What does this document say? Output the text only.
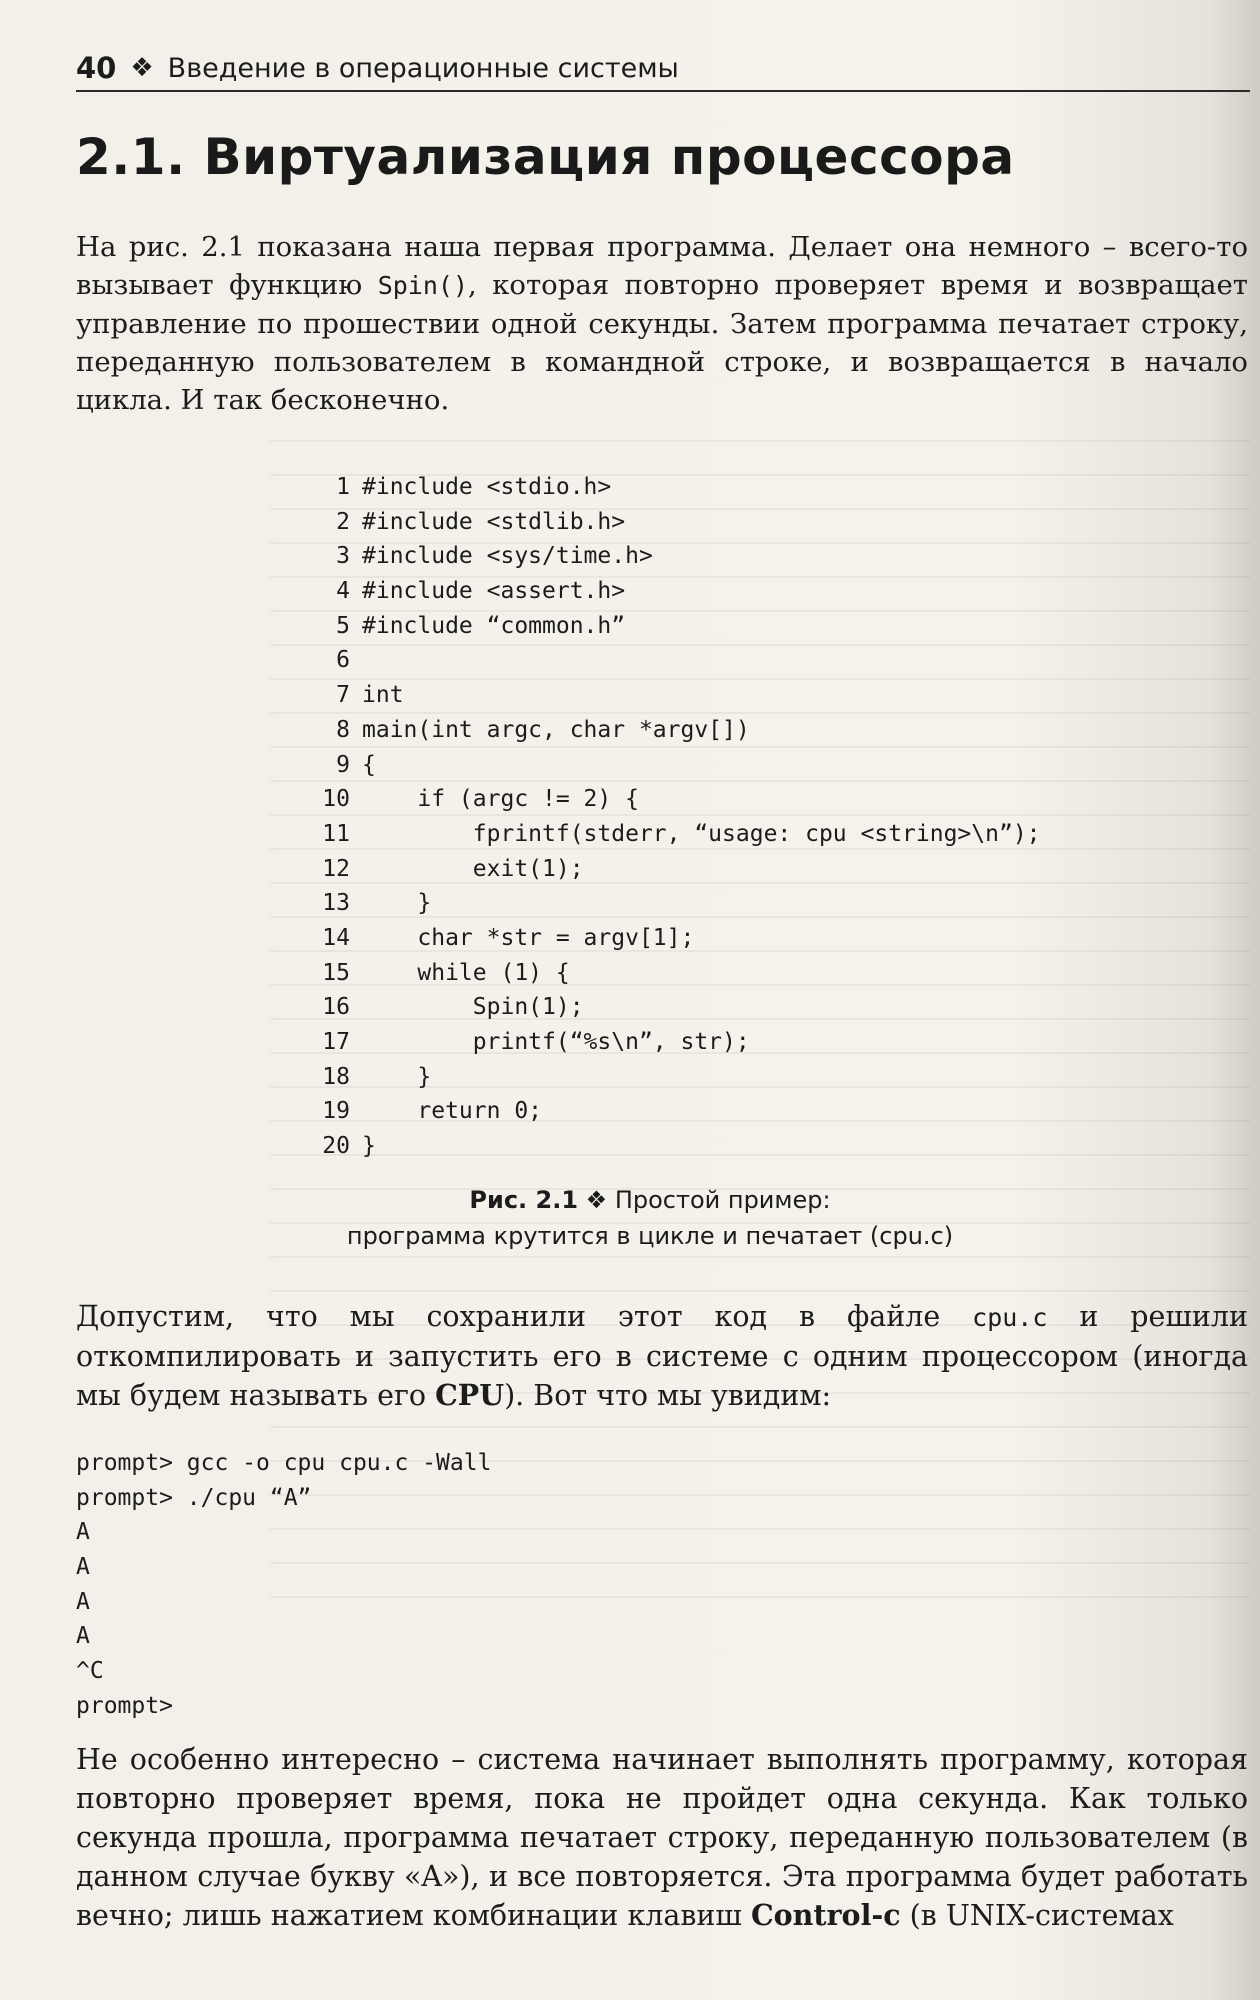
40 ❖ Введение в операционные системы
2.1. Виртуализация процессора

На рис. 2.1 показана наша первая программа. Делает она немного – всего-то вызывает функцию Spin(), которая повторно проверяет время и возвращает управление по прошествии одной секунды. Затем программа печатает строку, переданную пользователем в командной строке, и возвращается в начало цикла. И так бесконечно.

1 #include <stdio.h>
2 #include <stdlib.h>
3 #include <sys/time.h>
4 #include <assert.h>
5 #include “common.h”
6
7 int
8 main(int argc, char *argv[])
9 {
10 if (argc != 2) {
11 fprintf(stderr, “usage: cpu <string>\n”);
12 exit(1);
13 }
14 char *str = argv[1];
15 while (1) {
16 Spin(1);
17 printf(“%s\n”, str);
18 }
19 return 0;
20 }
Рис. 2.1 ❖ Простой пример:
программа крутится в цикле и печатает (cpu.c)

Допустим, что мы сохранили этот код в файле cpu.c и решили откомпилировать и запустить его в системе с одним процессором (иногда мы будем называть его CPU). Вот что мы увидим:

prompt> gcc -o cpu cpu.c -Wall
prompt> ./cpu “A”
A
A
A
A
^C
prompt>

Не особенно интересно – система начинает выполнять программу, которая повторно проверяет время, пока не пройдет одна секунда. Как только секунда прошла, программа печатает строку, переданную пользователем (в данном случае букву «A»), и все повторяется. Эта программа будет работать вечно; лишь нажатием комбинации клавиш Control-c (в UNIX-системах
